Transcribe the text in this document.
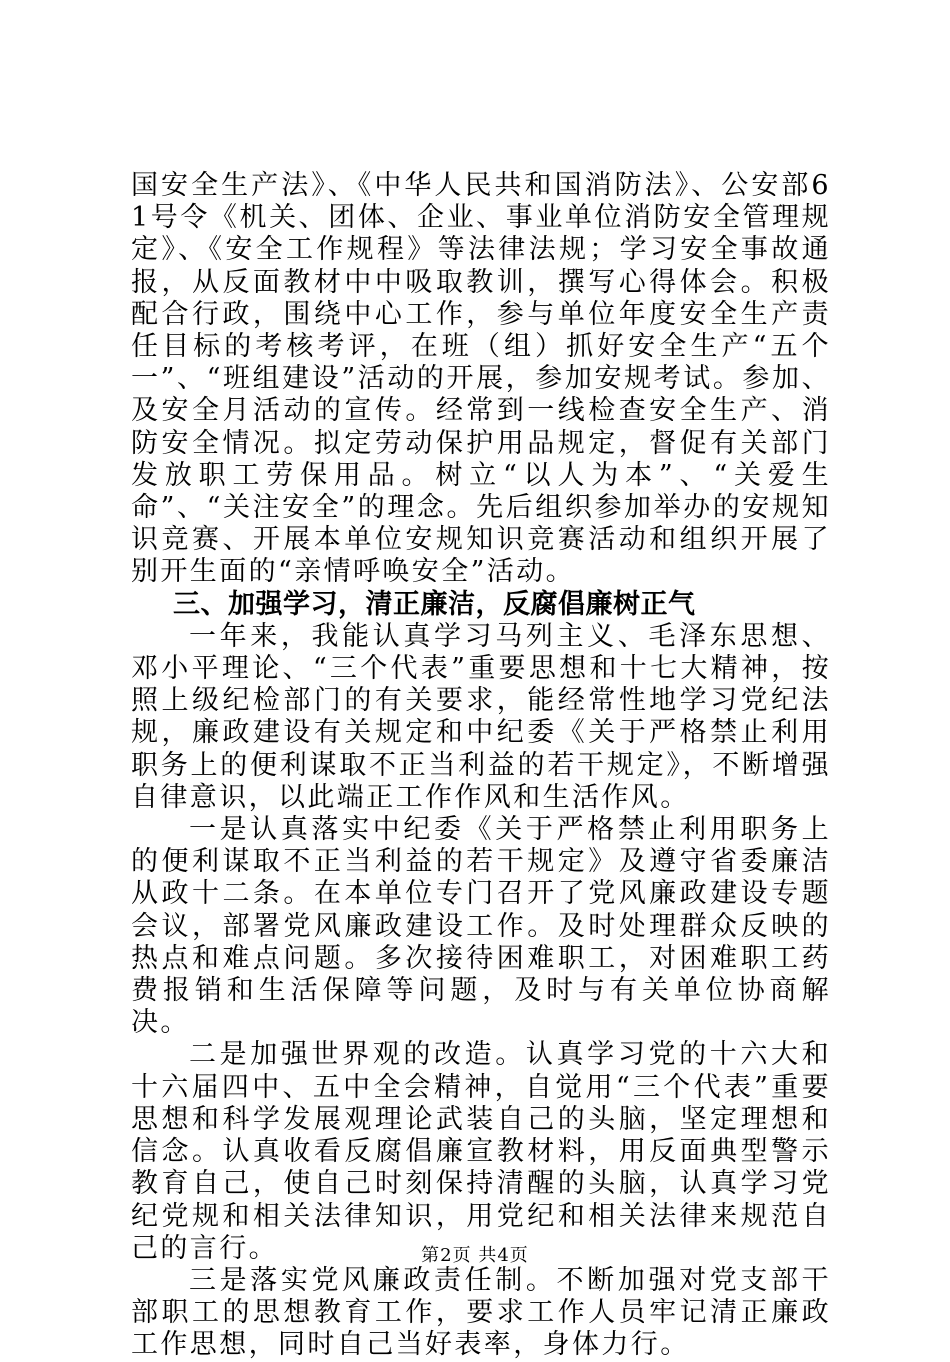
国安全生产法》、《中华人民共和国消防法》、公安部61号令《机关、团体、企业、事业单位消防安全管理规定》、《安全工作规程》等法律法规；学习安全事故通报，从反面教材中中吸取教训，撰写心得体会。积极配合行政，围绕中心工作，参与单位年度安全生产责任目标的考核考评，在班（组）抓好安全生产“五个一”、“班组建设”活动的开展，参加安规考试。参加、及安全月活动的宣传。经常到一线检查安全生产、消防安全情况。拟定劳动保护用品规定，督促有关部门发放职工劳保用品。树立“以人为本”、“关爱生命”、“关注安全”的理念。先后组织参加举办的安规知识竞赛、开展本单位安规知识竞赛活动和组织开展了别开生面的“亲情呼唤安全”活动。

三、加强学习，清正廉洁，反腐倡廉树正气

一年来，我能认真学习马列主义、毛泽东思想、邓小平理论、“三个代表”重要思想和十七大精神，按照上级纪检部门的有关要求，能经常性地学习党纪法规，廉政建设有关规定和中纪委《关于严格禁止利用职务上的便利谋取不正当利益的若干规定》，不断增强自律意识，以此端正工作作风和生活作风。

一是认真落实中纪委《关于严格禁止利用职务上的便利谋取不正当利益的若干规定》及遵守省委廉洁从政十二条。在本单位专门召开了党风廉政建设专题会议，部署党风廉政建设工作。及时处理群众反映的热点和难点问题。多次接待困难职工，对困难职工药费报销和生活保障等问题，及时与有关单位协商解决。

二是加强世界观的改造。认真学习党的十六大和十六届四中、五中全会精神，自觉用“三个代表”重要思想和科学发展观理论武装自己的头脑，坚定理想和信念。认真收看反腐倡廉宣教材料，用反面典型警示教育自己，使自己时刻保持清醒的头脑，认真学习党纪党规和相关法律知识，用党纪和相关法律来规范自己的言行。

三是落实党风廉政责任制。不断加强对党支部干部职工的思想教育工作，要求工作人员牢记清正廉政工作思想，同时自己当好表率，身体力行。

第2页 共4页
